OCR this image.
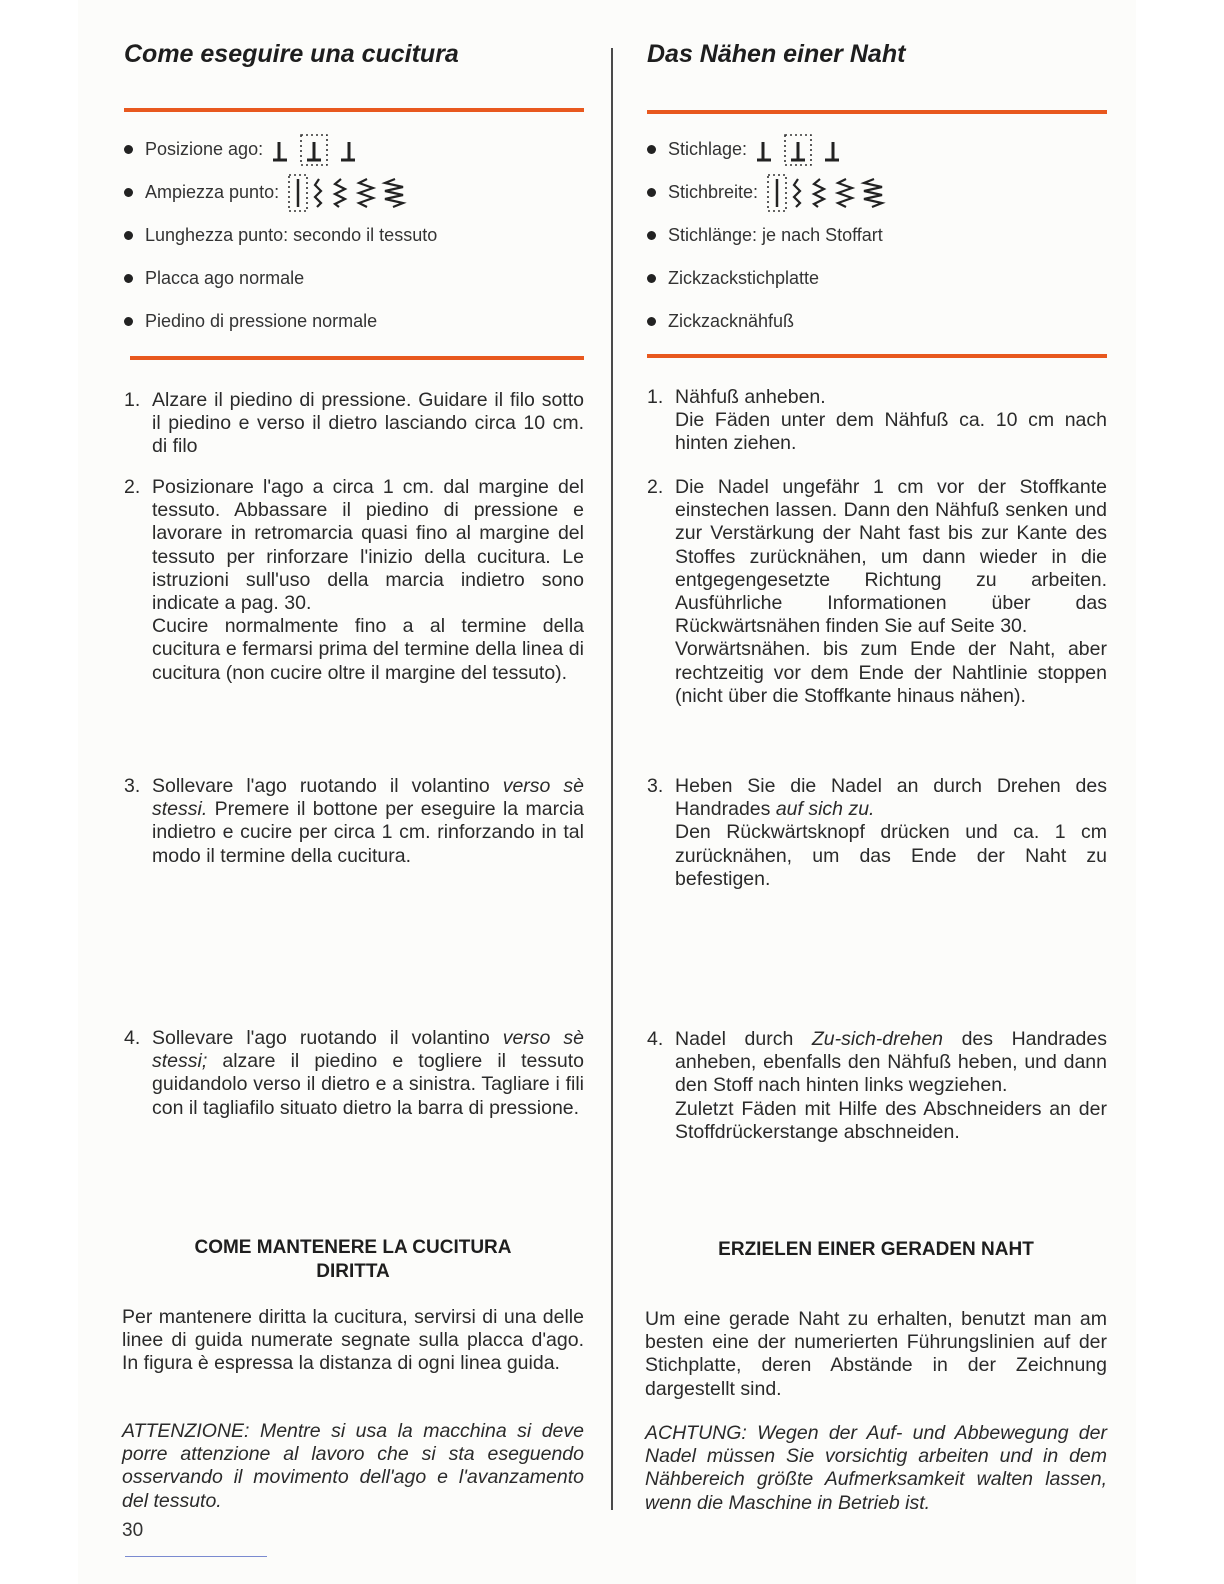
Come eseguire una cucitura
Posizione ago:
Ampiezza punto:
Lunghezza punto: secondo il tessuto
Placca ago normale
Piedino di pressione normale
1. Alzare il piedino di pressione. Guidare il filo sotto il piedino e verso il dietro lasciando circa 10 cm. di filo

2. Posizionare l'ago a circa 1 cm. dal margine del tessuto. Abbassare il piedino di pressione e lavorare in retromarcia quasi fino al margine del tessuto per rinforzare l'inizio della cucitura. Le istruzioni sull'uso della marcia indietro sono indicate a pag. 30.

Cucire normalmente fino a al termine della cucitura e fermarsi prima del termine della linea di cucitura (non cucire oltre il margine del tessuto).

3. Sollevare l'ago ruotando il volantino verso sè stessi. Premere il bottone per eseguire la marcia indietro e cucire per circa 1 cm. rinforzando in tal modo il termine della cucitura.

4. Sollevare l'ago ruotando il volantino verso sè stessi; alzare il piedino e togliere il tessuto guidandolo verso il dietro e a sinistra. Tagliare i fili con il tagliafilo situato dietro la barra di pressione.

COME MANTENERE LA CUCITURA DIRITTA

Per mantenere diritta la cucitura, servirsi di una delle linee di guida numerate segnate sulla placca d'ago. In figura è espressa la distanza di ogni linea guida.

ATTENZIONE: Mentre si usa la macchina si deve porre attenzione al lavoro che si sta eseguendo osservando il movimento dell'ago e l'avanzamento del tessuto.

Das Nähen einer Naht
Stichlage:
Stichbreite:
Stichlänge: je nach Stoffart
Zickzackstichplatte
Zickzacknähfuß
1. Nähfuß anheben.

Die Fäden unter dem Nähfuß ca. 10 cm nach hinten ziehen.

2. Die Nadel ungefähr 1 cm vor der Stoffkante einstechen lassen. Dann den Nähfuß senken und zur Verstärkung der Naht fast bis zur Kante des Stoffes zurücknähen, um dann wieder in die entgegengesetzte Richtung zu arbeiten. Ausführliche Informationen über das Rückwärtsnähen finden Sie auf Seite 30.

Vorwärtsnähen. bis zum Ende der Naht, aber rechtzeitig vor dem Ende der Nahtlinie stoppen (nicht über die Stoffkante hinaus nähen).

3. Heben Sie die Nadel an durch Drehen des Handrades auf sich zu.

Den Rückwärtsknopf drücken und ca. 1 cm zurücknähen, um das Ende der Naht zu befestigen.

4. Nadel durch Zu-sich-drehen des Handrades anheben, ebenfalls den Nähfuß heben, und dann den Stoff nach hinten links wegziehen.

Zuletzt Fäden mit Hilfe des Abschneiders an der Stoffdrückerstange abschneiden.

ERZIELEN EINER GERADEN NAHT

Um eine gerade Naht zu erhalten, benutzt man am besten eine der numerierten Führungslinien auf der Stichplatte, deren Abstände in der Zeichnung dargestellt sind.

ACHTUNG: Wegen der Auf- und Abbewegung der Nadel müssen Sie vorsichtig arbeiten und in dem Nähbereich größte Aufmerksamkeit walten lassen, wenn die Maschine in Betrieb ist.

30
